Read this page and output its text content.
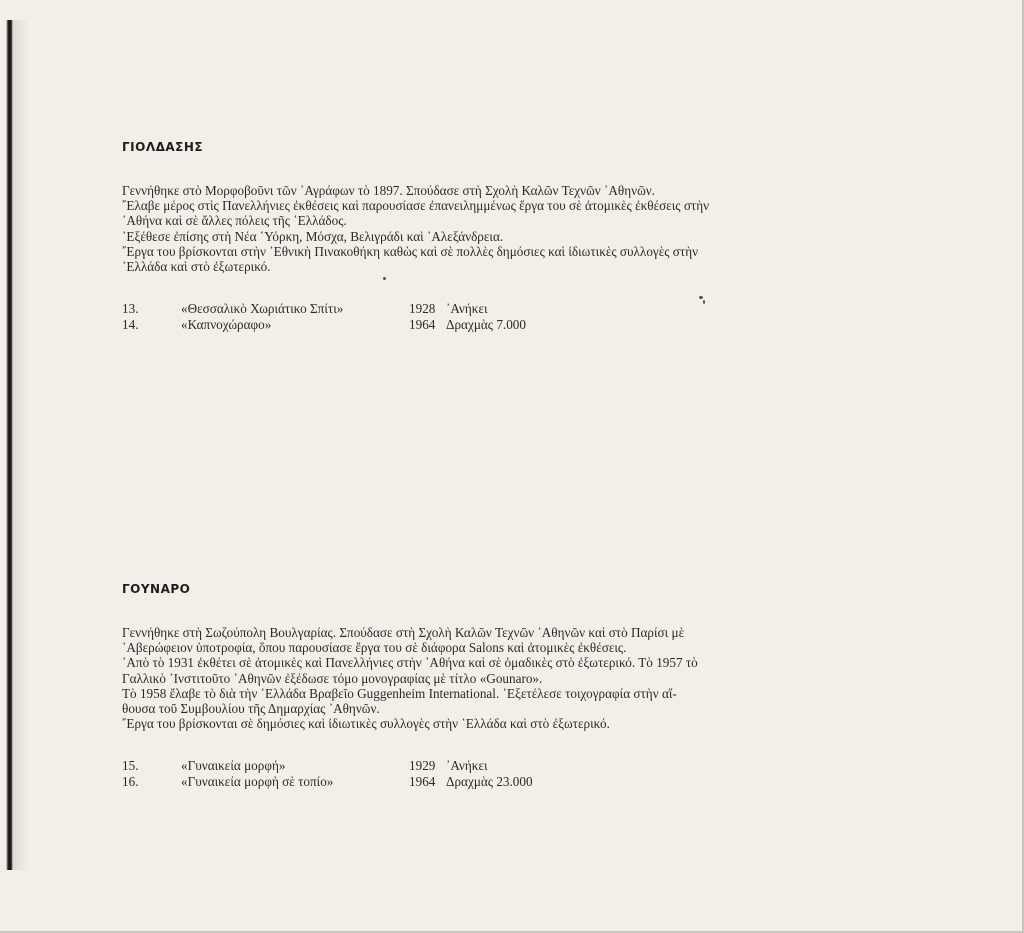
ΓΙΟΛΔΑΣΗΣ
Γεννήθηκε στὸ Μορφοβοῦνι τῶν ᾿Αγράφων τὸ 1897. Σπούδασε στὴ Σχολὴ Καλῶν Τεχνῶν ᾿Αθηνῶν.
῎Ελαβε μέρος στὶς Πανελλήνιες ἐκθέσεις καὶ παρουσίασε ἐπανειλημμένως ἔργα του σὲ ἀτομικὲς ἐκθέσεις στὴν
᾿Αθήνα καὶ σὲ ἄλλες πόλεις τῆς ῾Ελλάδος.
᾿Εξέθεσε ἐπίσης στὴ Νέα ῾Υόρκη, Μόσχα, Βελιγράδι καὶ ᾿Αλεξάνδρεια.
῎Εργα του βρίσκονται στὴν ᾿Εθνικὴ Πινακοθήκη καθὼς καὶ σὲ πολλὲς δημόσιες καὶ ἰδιωτικὲς συλλογὲς στὴν
῾Ελλάδα καὶ στὸ ἐξωτερικό.
13.	«Θεσσαλικὸ Χωριάτικο Σπίτι»	1928 ᾿Ανήκει
14.	«Καπνοχώραφο»	1964 Δραχμὰς 7.000
ΓΟΥΝΑΡΟ
Γεννήθηκε στὴ Σωζούπολη Βουλγαρίας. Σπούδασε στὴ Σχολὴ Καλῶν Τεχνῶν ᾿Αθηνῶν καὶ στὸ Παρίσι μὲ
᾿Αβερώφειον ὑποτροφία, ὅπου παρουσίασε ἔργα του σὲ διάφορα Salons καὶ ἀτομικὲς ἐκθέσεις.
᾿Απὸ τὸ 1931 ἐκθέτει σὲ ἀτομικὲς καὶ Πανελλήνιες στὴν ᾿Αθήνα καὶ σὲ ὁμαδικὲς στὸ ἐξωτερικό. Τὸ 1957 τὸ
Γαλλικὸ ᾿Ινστιτοῦτο ᾿Αθηνῶν ἐξέδωσε τόμο μονογραφίας μὲ τίτλο «Gounaro».
Τὸ 1958 ἔλαβε τὸ διὰ τὴν ῾Ελλάδα Βραβεῖο Guggenheim International. ᾿Εξετέλεσε τοιχογραφία στὴν αἴ-
θουσα τοῦ Συμβουλίου τῆς Δημαρχίας ᾿Αθηνῶν.
῎Εργα του βρίσκονται σὲ δημόσιες καὶ ἰδιωτικὲς συλλογὲς στὴν ῾Ελλάδα καὶ στὸ ἐξωτερικό.
15.	«Γυναικεία μορφή»	1929 ᾿Ανήκει
16.	«Γυναικεία μορφὴ σὲ τοπίο»	1964 Δραχμὰς 23.000
